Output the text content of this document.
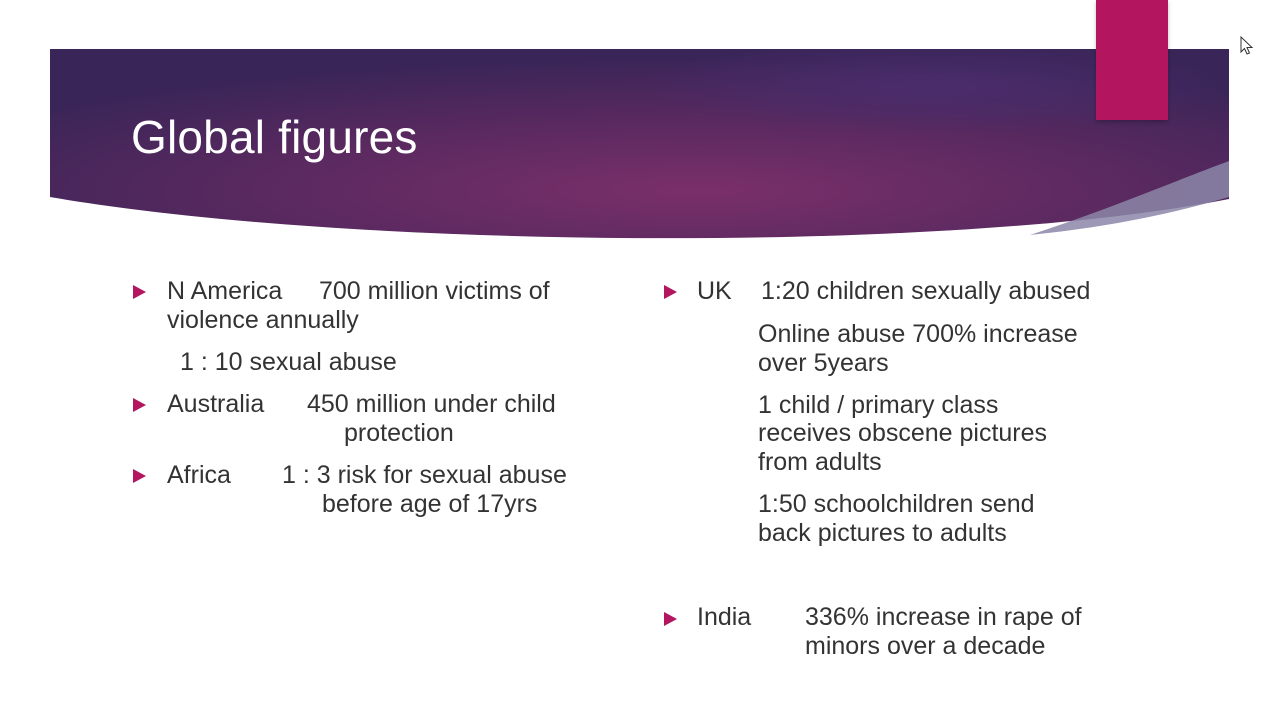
Global figures
N America 700 million victims of
violence annually
1 : 10 sexual abuse
Australia 450 million under child
protection
Africa 1 : 3 risk for sexual abuse
before age of 17yrs
UK 1:20 children sexually abused
Online abuse 700% increase
over 5years
1 child / primary class
receives obscene pictures
from adults
1:50 schoolchildren send
back pictures to adults
India 336% increase in rape of
minors over a decade
